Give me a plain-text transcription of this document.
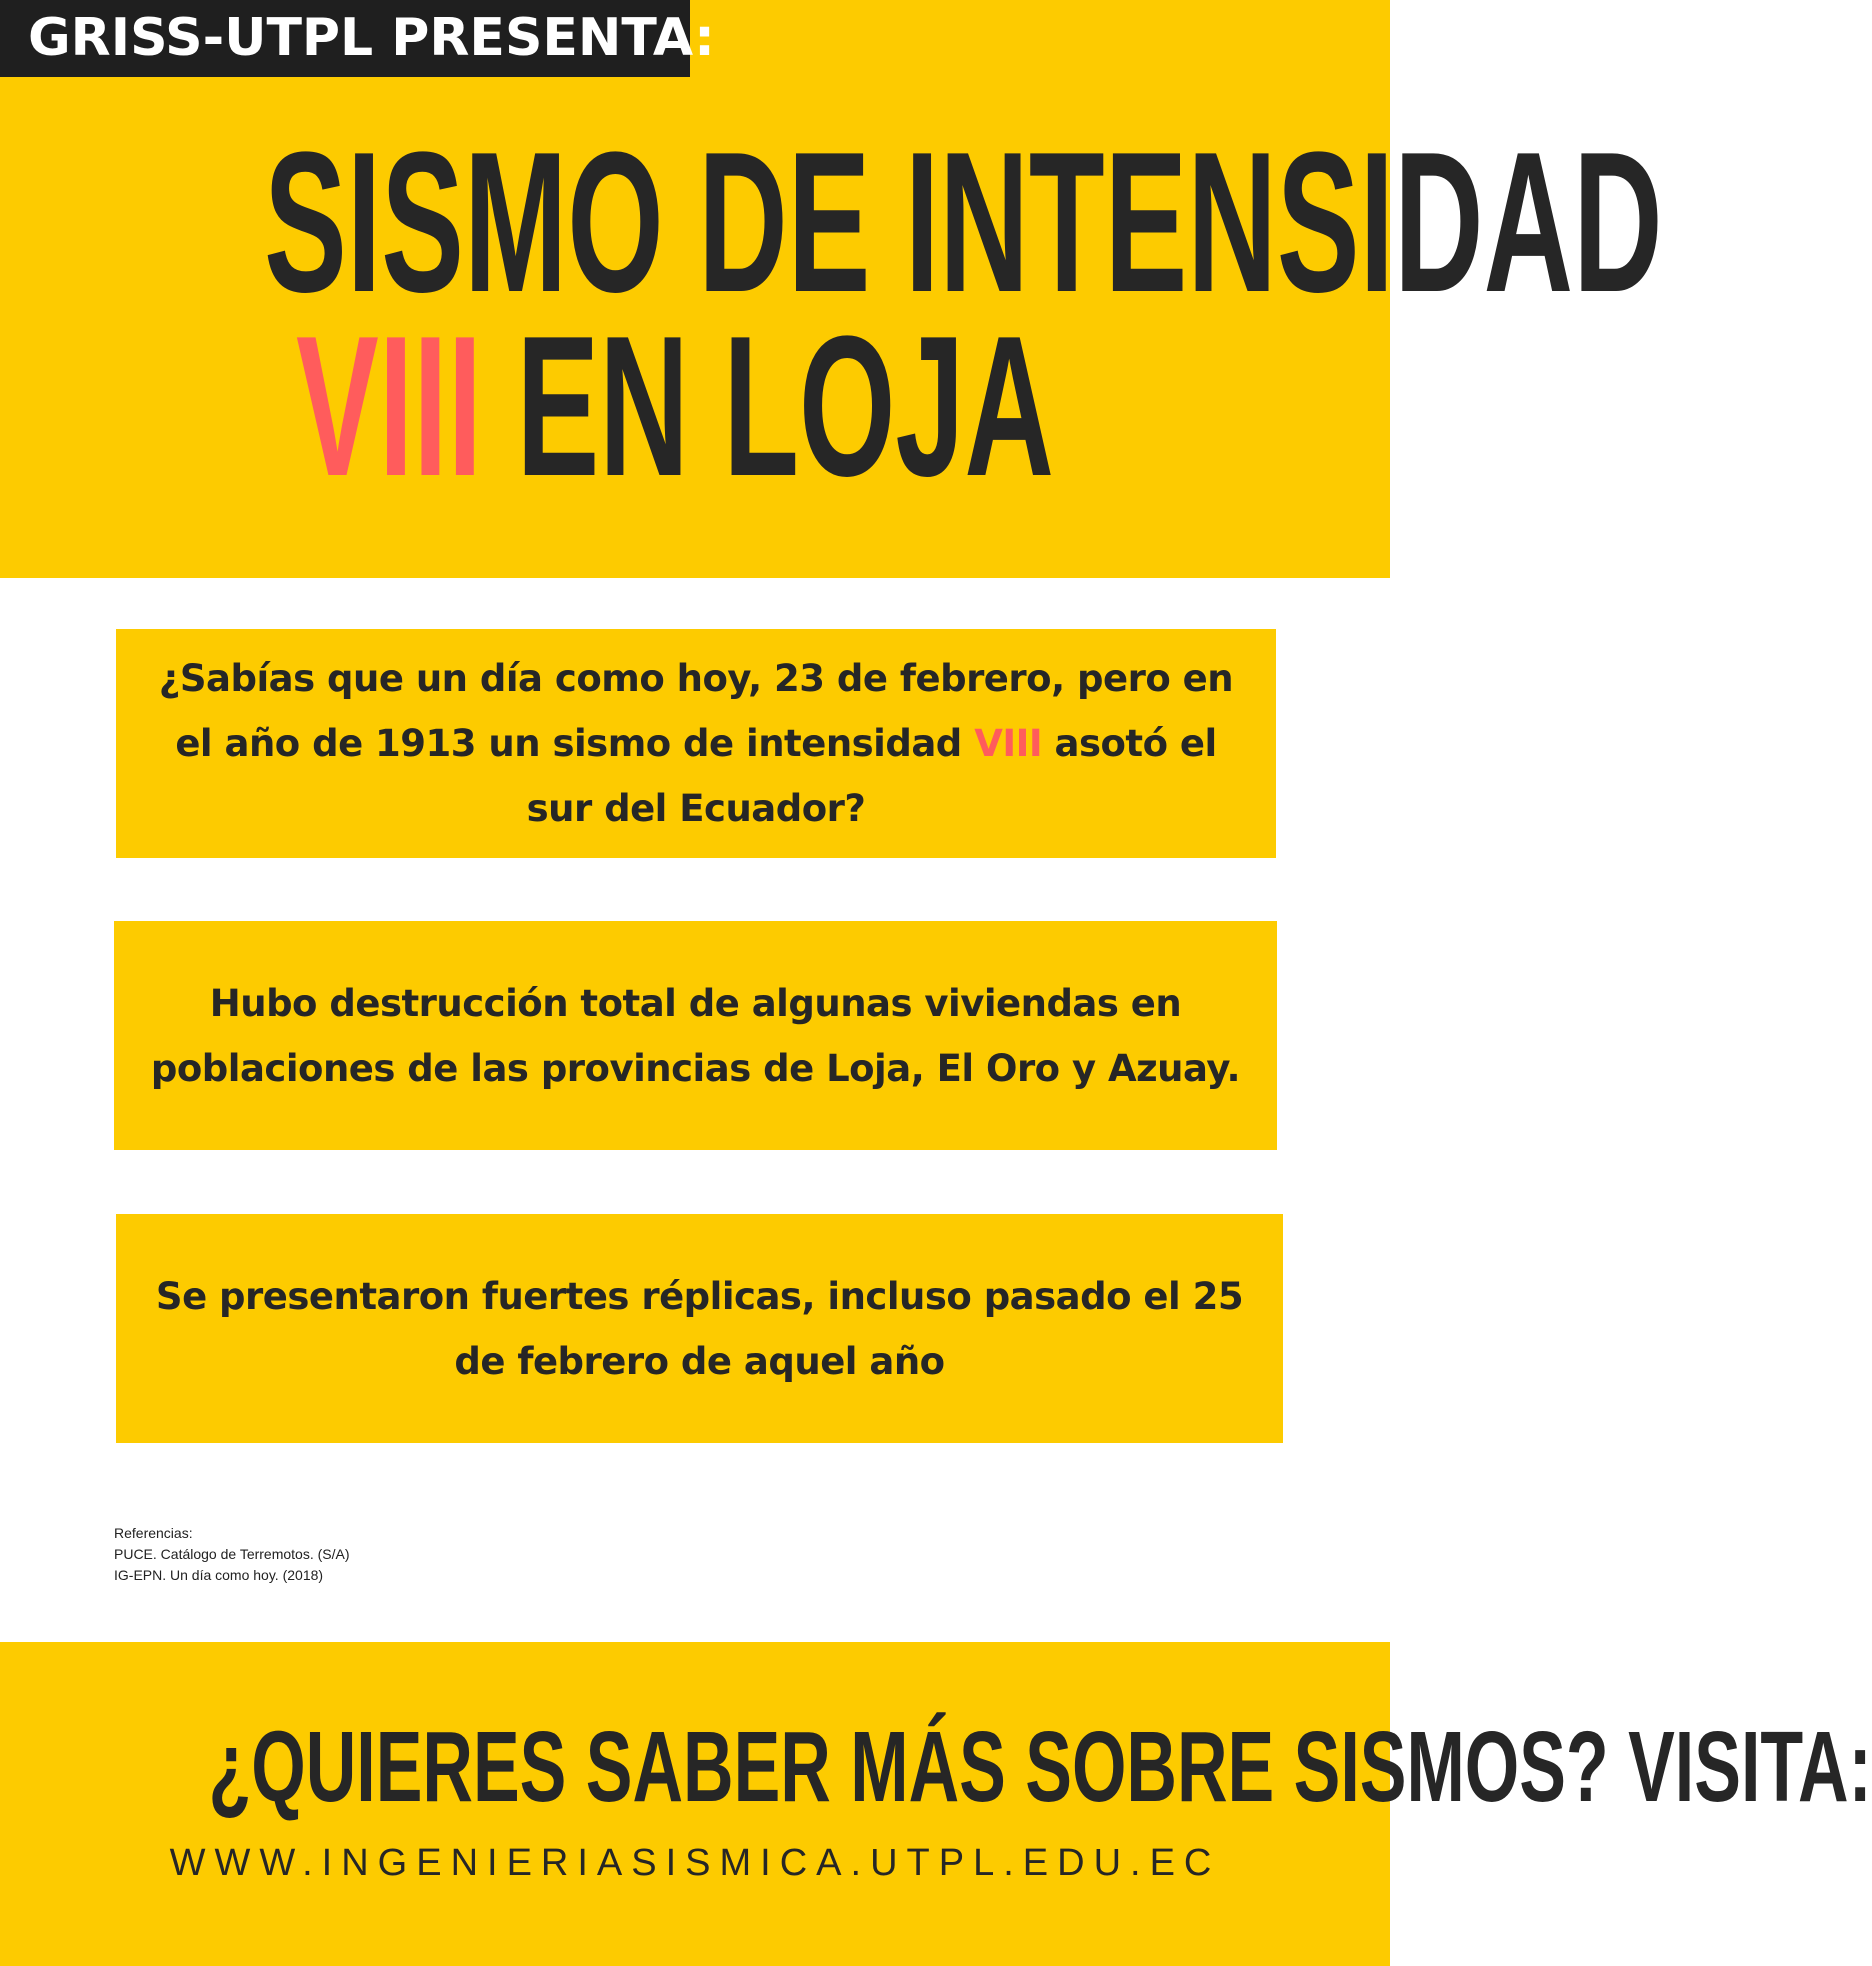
GRISS-UTPL PRESENTA:
SISMO DE INTENSIDAD
VIII EN LOJA
¿Sabías que un día como hoy, 23 de febrero, pero en el año de 1913 un sismo de intensidad VIII asotó el sur del Ecuador?
Hubo destrucción total de algunas viviendas en poblaciones de las provincias de Loja, El Oro y Azuay.
Se presentaron fuertes réplicas, incluso pasado el 25 de febrero de aquel año
Referencias:
PUCE. Catálogo de Terremotos. (S/A)
IG-EPN. Un día como hoy. (2018)
¿QUIERES SABER MÁS SOBRE SISMOS? VISITA:
WWW.INGENIERIASISMICA.UTPL.EDU.EC
